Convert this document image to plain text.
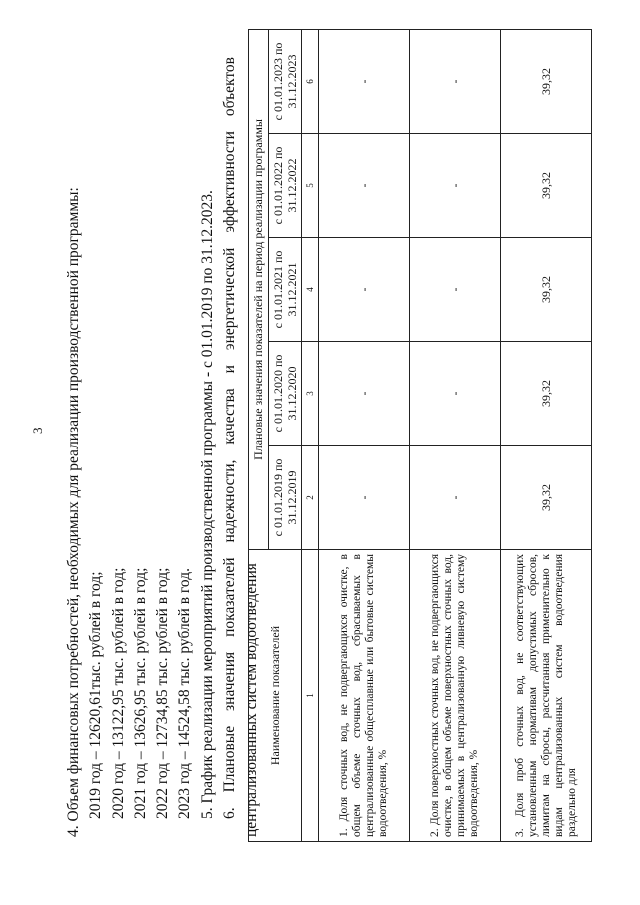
3 4. Объем финансовых потребностей, необходимых для реализации производственной программы: 2019 год – 12620,61тыс. рублей в год; 2020 год – 13122,95 тыс. рублей в год; 2021 год – 13626,95 тыс. рублей в год; 2022 год – 12734,85 тыс. рублей в год; 2023 год – 14524,58 тыс. рублей в год. 5. График реализации мероприятий производственной программы - с 01.01.2019 по 31.12.2023. 6.
Плановые
значения
показателей
надежности,
качества
и
энергетической
эффективности
объектов
централизованных систем водоотведения Наименование показателей	Плановые значения показателей на период реализации программы				
	с 01.01.2019 по 31.12.2019	с 01.01.2020 по 31.12.2020	с 01.01.2021 по 31.12.2021	с 01.01.2022 по 31.12.2022	с 01.01.2023 по 31.12.2023
1	2	3	4	5	6
1. Доля сточных вод, не подвергающихся очистке, в общем объеме сточных вод, сбрасываемых в централизованные общесплавные или бытовые системы водоотведения, %	-	-	-	-	-
2. Доля поверхностных сточных вод, не подвергающихся очистке, в общем объеме поверхностных сточных вод, принимаемых в централизованную ливневую систему водоотведения, %	-	-	-	-	-
3. Доля проб сточных вод, не соответствующих установленным нормативам допустимых сбросов, лимитам на сбросы, рассчитанная применительно к видам централизованных систем водоотведения раздельно для	39,32	39,32	39,32	39,32	39,32
